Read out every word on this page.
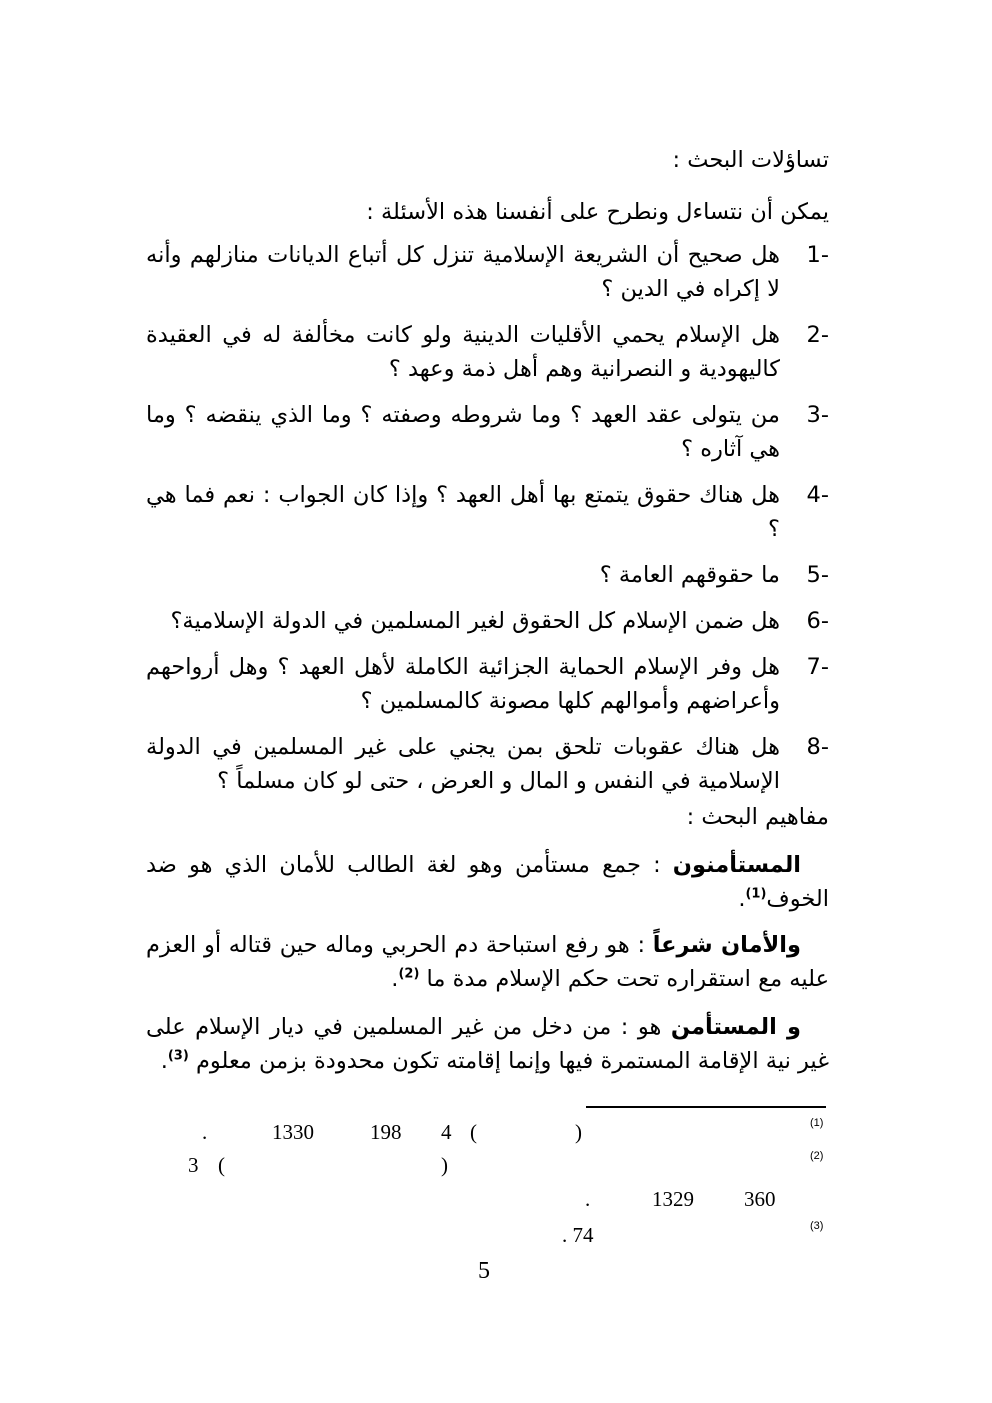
تساؤلات البحث :
يمكن أن نتساءل ونطرح على أنفسنا هذه الأسئلة :
-1
هل صحيح أن الشريعة الإسلامية تنزل كل أتباع الديانات منازلهم وأنه لا إكراه في الدين ؟
-2
هل الإسلام يحمي الأقليات الدينية ولو كانت مخألفة له في العقيدة كاليهودية و النصرانية وهم أهل ذمة وعهد ؟
-3
من يتولى عقد العهد ؟ وما شروطه وصفته ؟ وما الذي ينقضه ؟ وما هي آثاره ؟
-4
هل هناك حقوق يتمتع بها أهل العهد ؟ وإذا كان الجواب : نعم فما هي ؟
-5
ما حقوقهم العامة ؟
-6
هل ضمن الإسلام كل الحقوق لغير المسلمين في الدولة الإسلامية؟
-7
هل وفر الإسلام الحماية الجزائية الكاملة لأهل العهد ؟ وهل أرواحهم وأعراضهم وأموالهم كلها مصونة كالمسلمين ؟
-8
هل هناك عقوبات تلحق بمن يجني على غير المسلمين في الدولة الإسلامية في النفس و المال و العرض ، حتى لو كان مسلماً ؟
مفاهيم البحث :
المستأمنون : جمع مستأمن وهو لغة الطالب للأمان الذي هو ضد الخوف$^{(1)}$.
والأمان شرعاً : هو رفع استباحة دم الحربي وماله حين قتاله أو العزم عليه مع استقراره تحت حكم الإسلام مدة ما $^{(2)}$.
و المستأمن هو : من دخل من غير المسلمين في ديار الإسلام على غير نية الإقامة المستمرة فيها وإنما إقامته تكون محدودة بزمن معلوم $^{(3)}$.
(1)
)
(
4
198
1330
.
(2)
)
(
3
360
1329
.
(3)
. 74
5
